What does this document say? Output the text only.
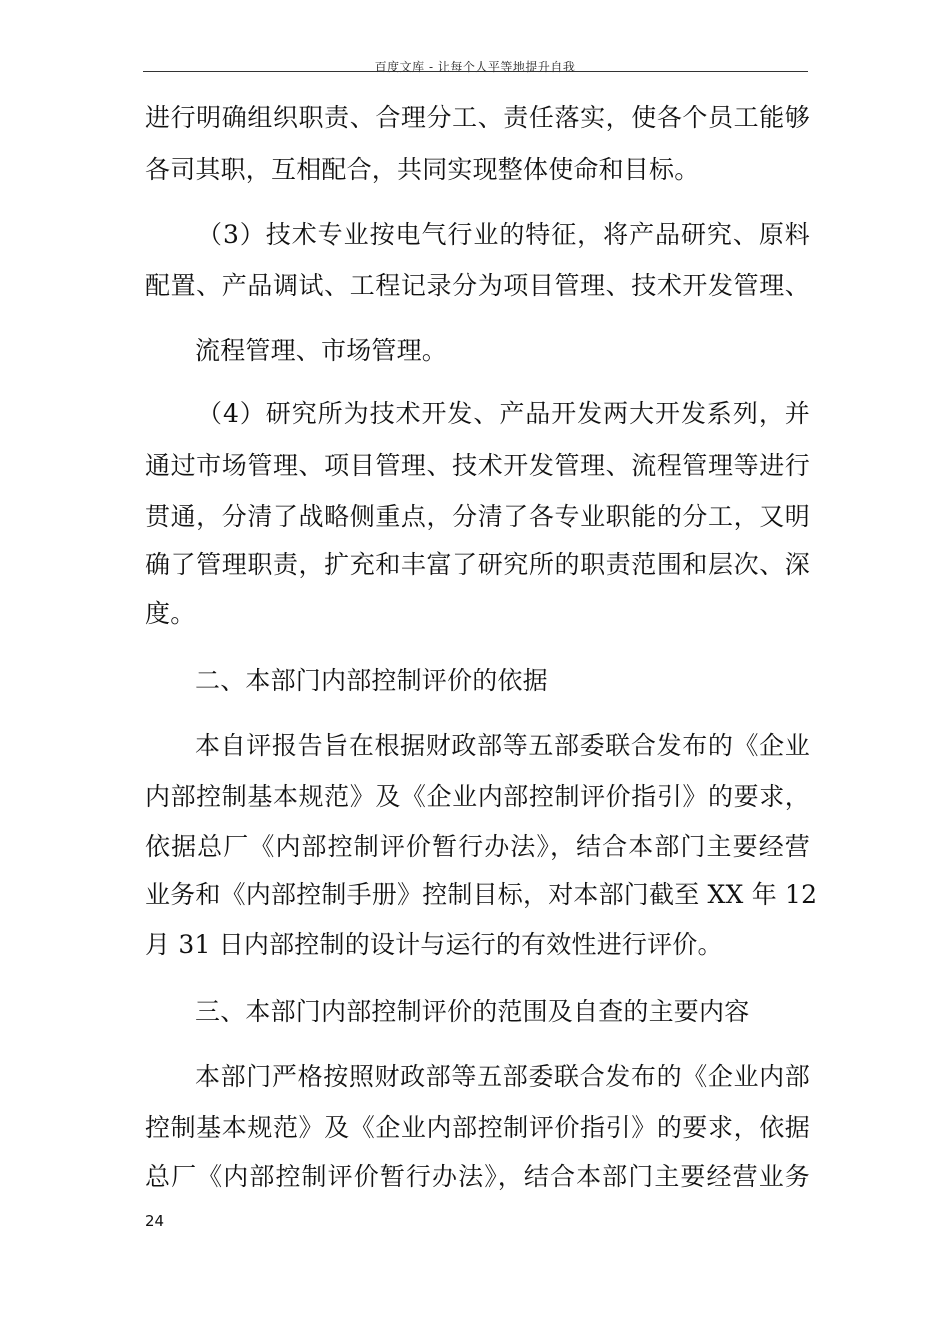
百度文库 - 让每个人平等地提升自我
进行明确组织职责、合理分工、责任落实，使各个员工能够
各司其职，互相配合，共同实现整体使命和目标。
（3）技术专业按电气行业的特征，将产品研究、原料
配置、产品调试、工程记录分为项目管理、技术开发管理、
流程管理、市场管理。
（4）研究所为技术开发、产品开发两大开发系列，并
通过市场管理、项目管理、技术开发管理、流程管理等进行
贯通，分清了战略侧重点，分清了各专业职能的分工，又明
确了管理职责，扩充和丰富了研究所的职责范围和层次、深
度。
二、本部门内部控制评价的依据
本自评报告旨在根据财政部等五部委联合发布的《企业
内部控制基本规范》及《企业内部控制评价指引》的要求，
依据总厂《内部控制评价暂行办法》，结合本部门主要经营
业务和《内部控制手册》控制目标，对本部门截至 XX 年 12
月 31 日内部控制的设计与运行的有效性进行评价。
三、本部门内部控制评价的范围及自查的主要内容
本部门严格按照财政部等五部委联合发布的《企业内部
控制基本规范》及《企业内部控制评价指引》的要求，依据
总厂《内部控制评价暂行办法》，结合本部门主要经营业务
24
